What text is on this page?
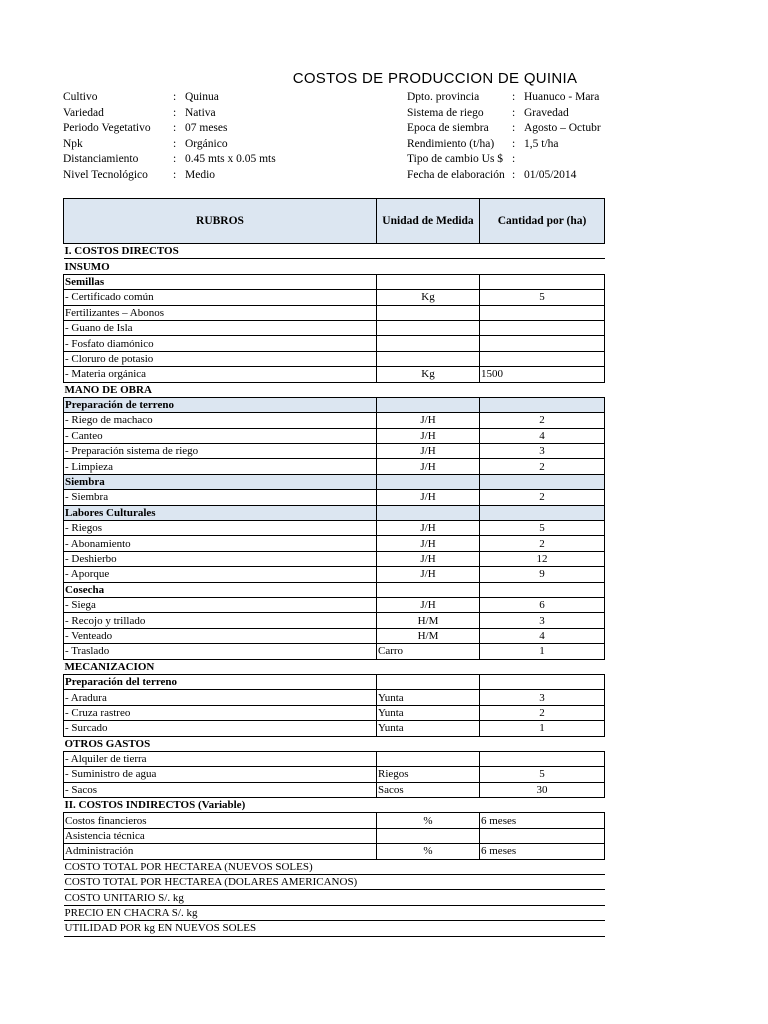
COSTOS DE PRODUCCION DE QUINIA
Cultivo	: Quinua
Variedad	: Nativa
Periodo Vegetativo	: 07 meses
Npk	: Orgánico
Distanciamiento	: 0.45 mts x 0.05 mts
Nivel Tecnológico	: Medio
Dpto. provincia	: Huanuco - Mara
Sistema de riego	: Gravedad
Epoca de siembra	: Agosto – Octubr
Rendimiento (t/ha)	: 1,5 t/ha
Tipo de cambio Us $ :
Fecha de elaboración : 01/05/2014
RUBROS	Unidad de Medida	Cantidad por (ha)
I. COSTOS DIRECTOS		
INSUMO		
Semillas		
- Certificado común	Kg	5
Fertilizantes – Abonos		
- Guano de Isla		
- Fosfato diamónico		
- Cloruro de potasio		
- Materia orgánica	Kg	1500
MANO DE OBRA		
Preparación de terreno		
- Riego de machaco	J/H	2
- Canteo	J/H	4
- Preparación sistema de riego	J/H	3
- Limpieza	J/H	2
Siembra		
- Siembra	J/H	2
Labores Culturales		
- Riegos	J/H	5
- Abonamiento	J/H	2
- Deshierbo	J/H	12
- Aporque	J/H	9
Cosecha		
- Siega	J/H	6
- Recojo y trillado	H/M	3
- Venteado	H/M	4
- Traslado	Carro	1
MECANIZACION		
Preparación del terreno		
- Aradura	Yunta	3
- Cruza rastreo	Yunta	2
- Surcado	Yunta	1
OTROS GASTOS		
- Alquiler de tierra		
- Suministro de agua	Riegos	5
- Sacos	Sacos	30
II. COSTOS INDIRECTOS (Variable)		
Costos financieros	%	6 meses
Asistencia técnica		
Administración	%	6 meses
COSTO TOTAL POR HECTAREA (NUEVOS SOLES)		
COSTO TOTAL POR HECTAREA (DOLARES AMERICANOS)		
COSTO UNITARIO S/. kg		
PRECIO EN CHACRA S/. kg		
UTILIDAD POR kg EN NUEVOS SOLES		
